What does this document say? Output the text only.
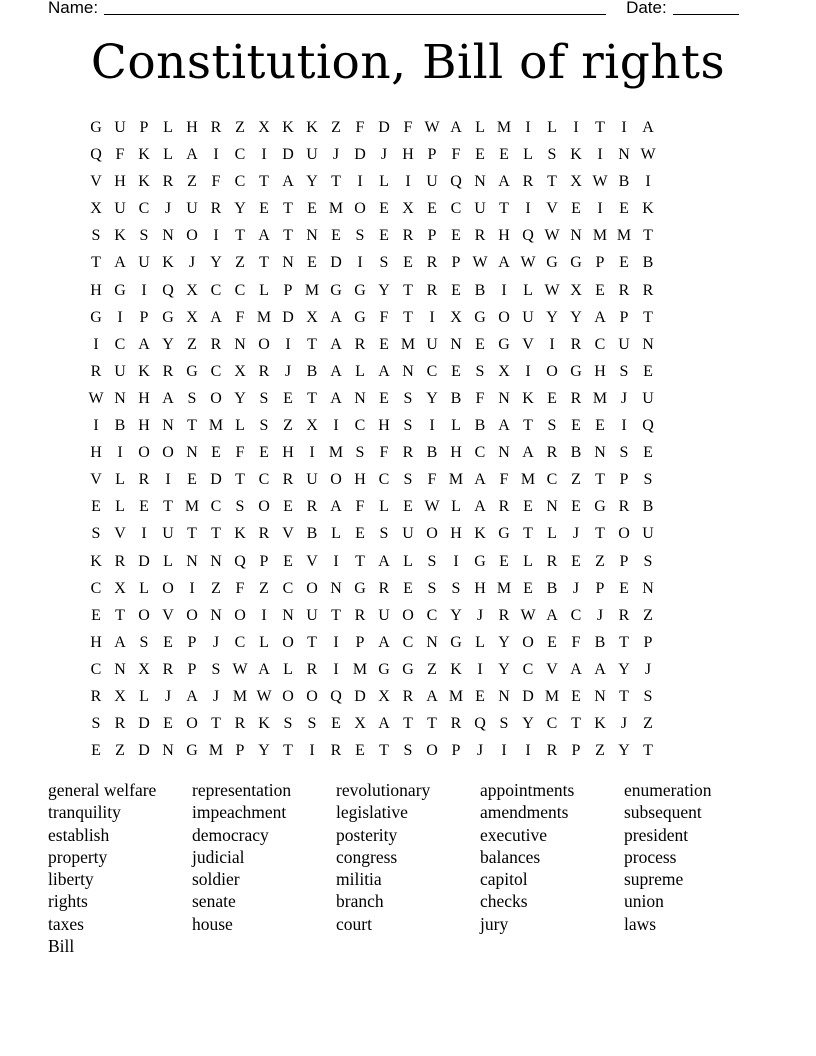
Name:	Date:
Constitution, Bill of rights
G U P L H R Z X K K Z F D F W A L M I	L	I	T	I A
Q F K L A I	C	I D U J D J H P F E E L S K I N W
V H K R Z F C T A Y T	I	L	I U Q N A R T X W B	I
X U C J U R Y E T E M O E X E C U T	I V E	I	E K
S K S N O I	T A T N E S E R P E R H Q W N M M T
T A U K J Y Z T N E D I	S E R P W A W G G P E B
H G I Q X C C L P M G G Y T R E B	I	L W X E R R
G I	P G X A F M D X A G F T	I X G O U Y Y A P T
I	C A Y Z R N O I	T A R E M U N E G V I	R C U N
R U K R G C X R J B A L A N C E S X I O G H S E
W N H A S O Y S E T A N E S Y B F N K E R M J U
I	B H N T M L S Z X I	C H S	I	L B A T S E E	I Q
H I O O N E F E H I M S F R B H C N A R B N S E
V L R	I	E D T C R U O H C S F M A F M C Z T P S
E L E T M C S O E R A F L E W L A R E N E G R B
S V I U T T K R V B L E S U O H K G T L J	T O U
K R D L N N Q P E V I	T A L S	I G E L R E Z P S
C X L O I	Z F Z C O N G R E S S H M E B J	P E N
E T O V O N O I N U T R U O C Y J R W A C J R Z
H A S E P	J C L O T	I	P A C N G L Y O E F B T P
C N X R P S W A L R	I M G G Z K I Y C V A A Y J
R X L J A J M W O O Q D X R A M E N D M E N T S
S R D E O T R K S S E X A T T R Q S Y C T K J	Z
E Z D N G M P Y T	I	R E T S O P	J	I	I	R P Z Y T
general welfare
tranquility
establish
property
liberty
rights
taxes
Bill
representation
impeachment
democracy
judicial
soldier
senate
house
revolutionary
legislative
posterity
congress
militia
branch
court
appointments
amendments
executive
balances
capitol
checks
jury
enumeration
subsequent
president
process
supreme
union
laws
